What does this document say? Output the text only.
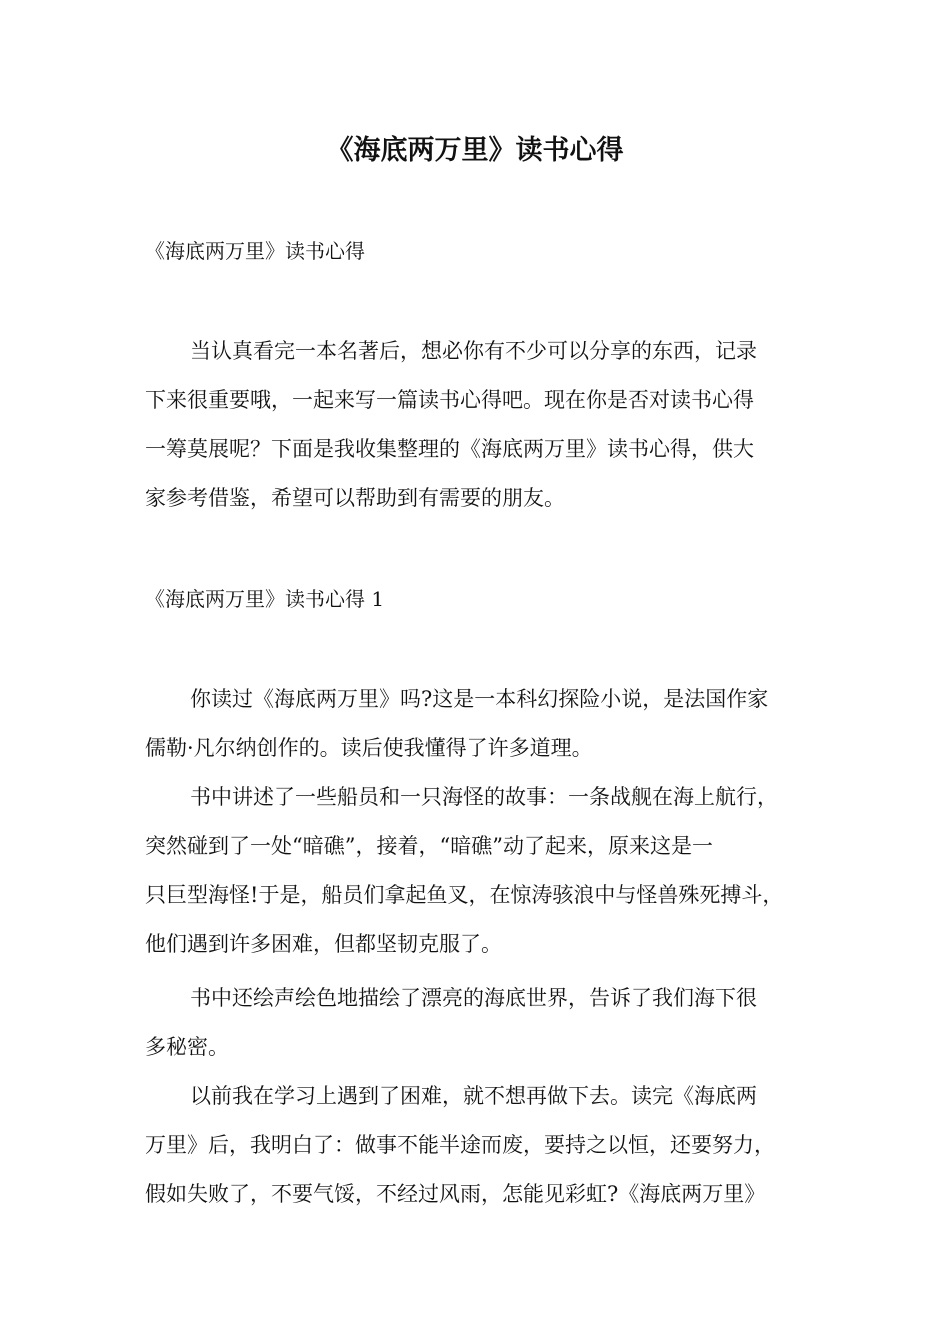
《海底两万里》读书心得

《海底两万里》读书心得

当认真看完一本名著后，想必你有不少可以分享的东西，记录

下来很重要哦，一起来写一篇读书心得吧。现在你是否对读书心得

一筹莫展呢？下面是我收集整理的《海底两万里》读书心得，供大

家参考借鉴，希望可以帮助到有需要的朋友。

《海底两万里》读书心得 1

你读过《海底两万里》吗?这是一本科幻探险小说，是法国作家

儒勒·凡尔纳创作的。读后使我懂得了许多道理。

书中讲述了一些船员和一只海怪的故事：一条战舰在海上航行，

突然碰到了一处“暗礁”，接着，“暗礁”动了起来，原来这是一

只巨型海怪!于是，船员们拿起鱼叉，在惊涛骇浪中与怪兽殊死搏斗，

他们遇到许多困难，但都坚韧克服了。

书中还绘声绘色地描绘了漂亮的海底世界，告诉了我们海下很

多秘密。

以前我在学习上遇到了困难，就不想再做下去。读完《海底两

万里》后，我明白了：做事不能半途而废，要持之以恒，还要努力，

假如失败了，不要气馁，不经过风雨，怎能见彩虹?《海底两万里》
